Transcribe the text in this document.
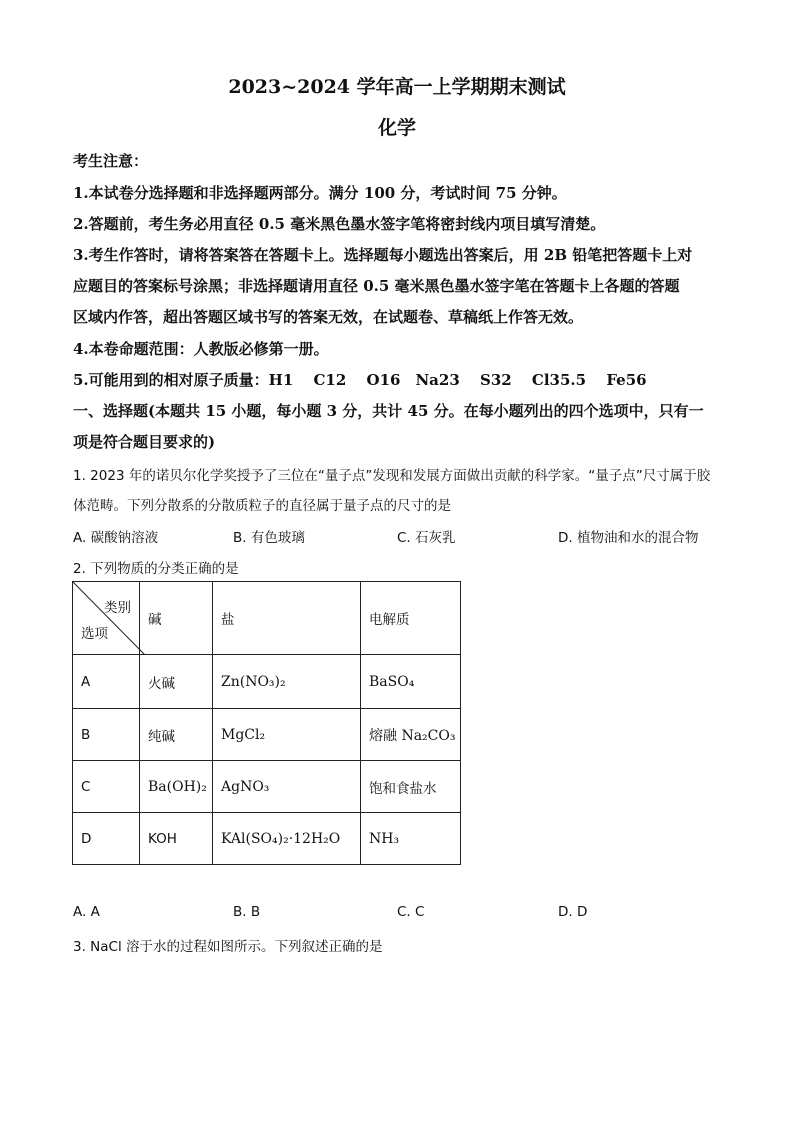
2023~2024 学年高一上学期期末测试
化学
考生注意：
1.本试卷分选择题和非选择题两部分。满分 100 分，考试时间 75 分钟。
2.答题前，考生务必用直径 0.5 毫米黑色墨水签字笔将密封线内项目填写清楚。
3.考生作答时，请将答案答在答题卡上。选择题每小题选出答案后，用 2B 铅笔把答题卡上对
应题目的答案标号涂黑；非选择题请用直径 0.5 毫米黑色墨水签字笔在答题卡上各题的答题
区域内作答，超出答题区域书写的答案无效，在试题卷、草稿纸上作答无效。
4.本卷命题范围：人教版必修第一册。
5.可能用到的相对原子质量：H1　 C12　 O16　Na23　 S32　 Cl35.5　 Fe56
一、选择题(本题共 15 小题，每小题 3 分，共计 45 分。在每小题列出的四个选项中，只有一
项是符合题目要求的)
1. 2023 年的诺贝尔化学奖授予了三位在“量子点”发现和发展方面做出贡献的科学家。“量子点”尺寸属于胶
体范畴。下列分散系的分散质粒子的直径属于量子点的尺寸的是
A. 碳酸钠溶液	B. 有色玻璃	C. 石灰乳	D. 植物油和水的混合物
2. 下列物质的分类正确的是
类别
选项	碱	盐	电解质
A	火碱	Zn(NO₃)₂	BaSO₄
B	纯碱	MgCl₂	熔融 Na₂CO₃
C	Ba(OH)₂	AgNO₃	饱和食盐水
D	KOH	KAl(SO₄)₂·12H₂O	NH₃
A. A	B. B	C. C	D. D
3. NaCl 溶于水的过程如图所示。下列叙述正确的是
